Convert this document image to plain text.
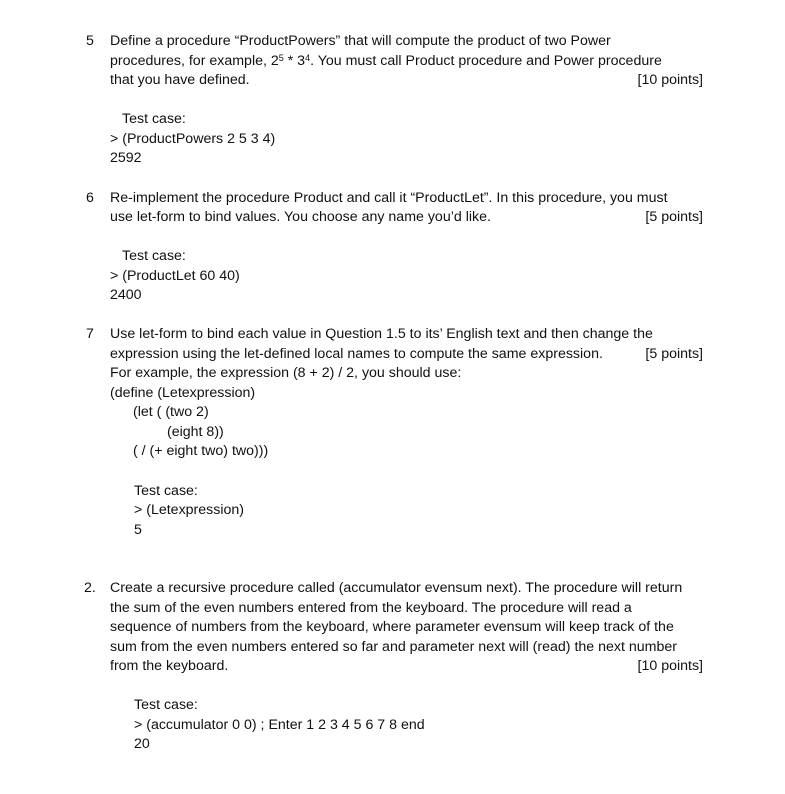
5 Define a procedure “ProductPowers” that will compute the product of two Power
procedures, for example, $2^5 * 3^4$. You must call Product procedure and Power procedure
that you have defined.	[10 points]
Test case:
> (ProductPowers 2 5 3 4)
2592
6 Re-implement the procedure Product and call it “ProductLet”. In this procedure, you must
use let-form to bind values. You choose any name you’d like.	[5 points]
Test case:
> (ProductLet 60 40)
2400
7 Use let-form to bind each value in Question 1.5 to its’ English text and then change the
expression using the let-defined local names to compute the same expression.	[5 points]
For example, the expression (8 + 2) / 2, you should use:
(define (Letexpression)
(let ( (two 2)
(eight 8))
( / (+ eight two) two)))
Test case:
> (Letexpression)
5
2. Create a recursive procedure called (accumulator evensum next). The procedure will return
the sum of the even numbers entered from the keyboard. The procedure will read a
sequence of numbers from the keyboard, where parameter evensum will keep track of the
sum from the even numbers entered so far and parameter next will (read) the next number
from the keyboard.	[10 points]
Test case:
> (accumulator 0 0) ; Enter 1 2 3 4 5 6 7 8 end
20
